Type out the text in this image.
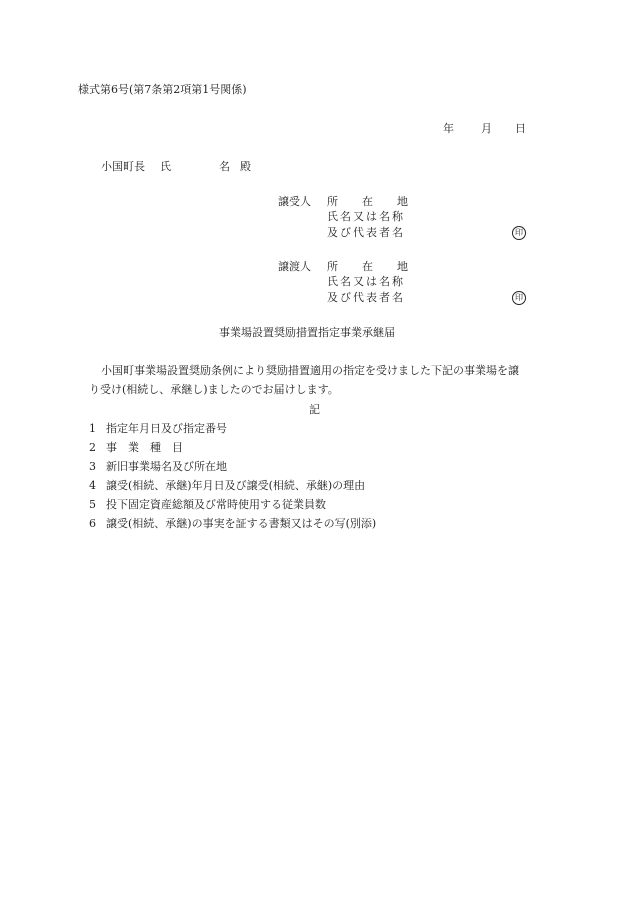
様式第6号(第7条第2項第1号関係)
年 月 日
小国町長 氏	名 殿
譲受人 所 在 地
氏名又は名称
及び代表者名	印
譲渡人 所 在 地
氏名又は名称
及び代表者名	印
事業場設置奨励措置指定事業承継届
小国町事業場設置奨励条例により奨励措置適用の指定を受けました下記の事業場を譲
り受け(相続し、承継し)ましたのでお届けします。
記
1 指定年月日及び指定番号
2 事　業　種　目
3 新旧事業場名及び所在地
4 譲受(相続、承継)年月日及び譲受(相続、承継)の理由
5 投下固定資産総額及び常時使用する従業員数
6 譲受(相続、承継)の事実を証する書類又はその写(別添)
